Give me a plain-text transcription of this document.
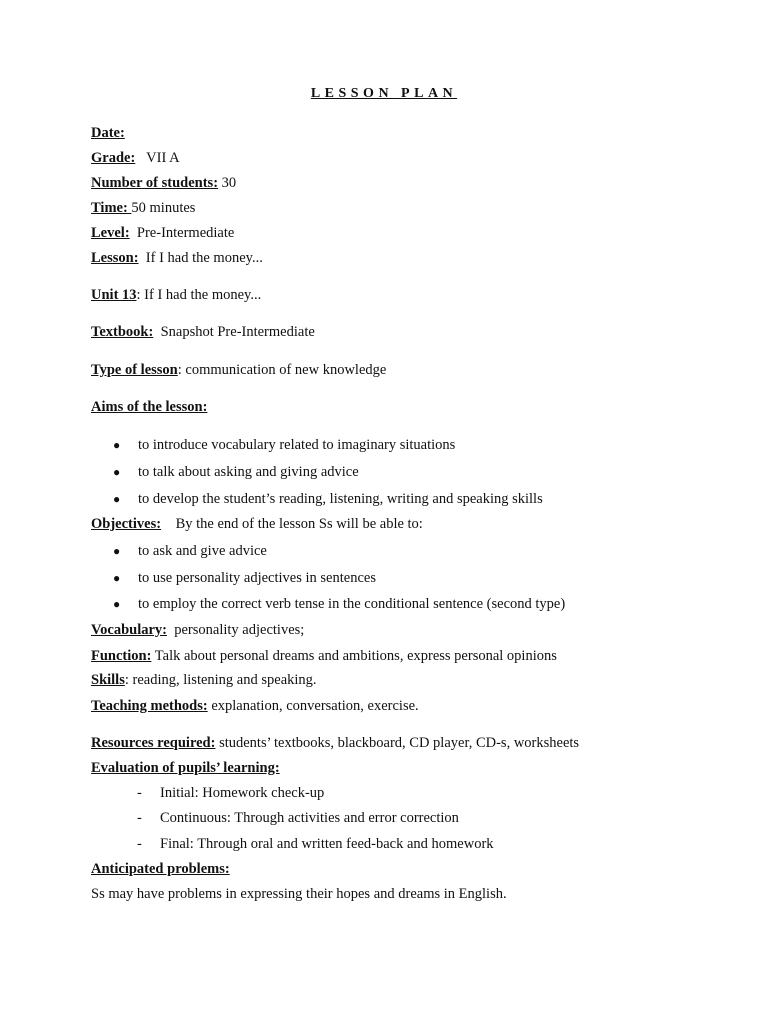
LESSON PLAN
Date:
Grade: VII A
Number of students: 30
Time: 50 minutes
Level: Pre-Intermediate
Lesson: If I had the money...
Unit 13: If I had the money...
Textbook: Snapshot Pre-Intermediate
Type of lesson: communication of new knowledge
Aims of the lesson:
● to introduce vocabulary related to imaginary situations
● to talk about asking and giving advice
● to develop the student’s reading, listening, writing and speaking skills
Objectives: By the end of the lesson Ss will be able to:
● to ask and give advice
● to use personality adjectives in sentences
● to employ the correct verb tense in the conditional sentence (second type)
Vocabulary: personality adjectives;
Function: Talk about personal dreams and ambitions, express personal opinions
Skills: reading, listening and speaking.
Teaching methods: explanation, conversation, exercise.
Resources required: students’ textbooks, blackboard, CD player, CD-s, worksheets
Evaluation of pupils’ learning:
- Initial: Homework check-up
- Continuous: Through activities and error correction
- Final: Through oral and written feed-back and homework
Anticipated problems:
Ss may have problems in expressing their hopes and dreams in English.
